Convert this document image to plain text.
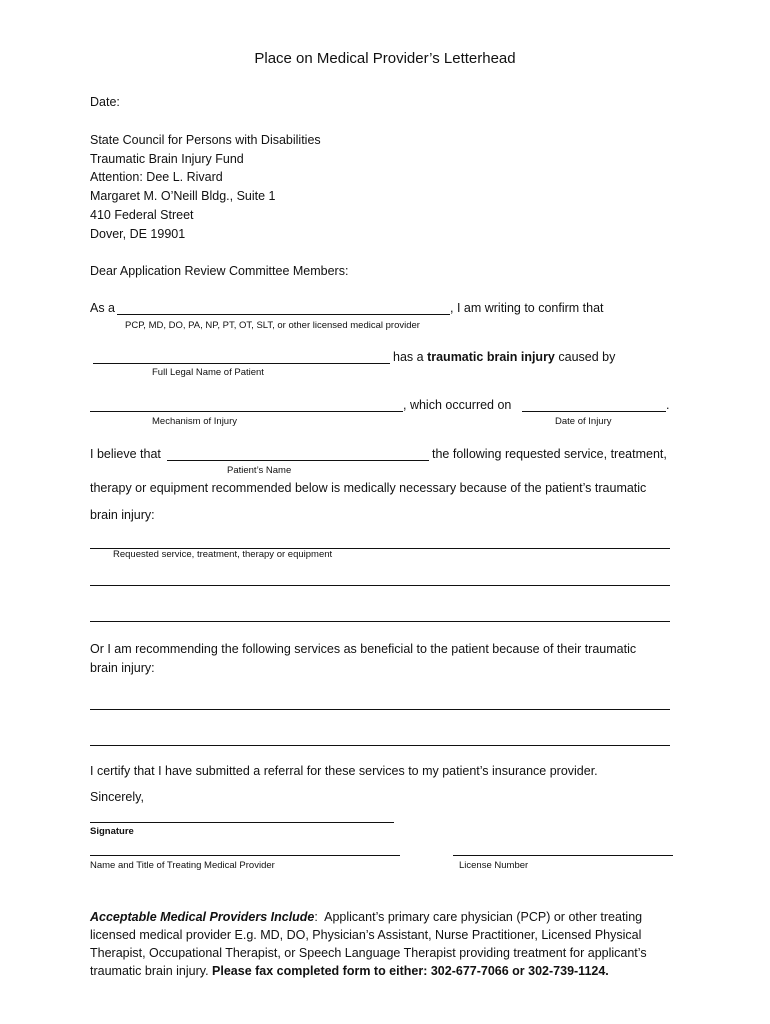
Place on Medical Provider’s Letterhead
Date:
State Council for Persons with Disabilities
Traumatic Brain Injury Fund
Attention: Dee L. Rivard
Margaret M. O’Neill Bldg., Suite 1
410 Federal Street
Dover, DE 19901
Dear Application Review Committee Members:
As a	, I am writing to confirm that
PCP, MD, DO, PA, NP, PT, OT, SLT, or other licensed medical provider
has a traumatic brain injury caused by
Full Legal Name of Patient
, which occurred on	.
Mechanism of Injury	Date of Injury
I believe that	the following requested service, treatment,
Patient’s Name
therapy or equipment recommended below is medically necessary because of the patient’s traumatic
brain injury:
Requested service, treatment, therapy or equipment
Or I am recommending the following services as beneficial to the patient because of their traumatic
brain injury:
I certify that I have submitted a referral for these services to my patient’s insurance provider.
Sincerely,
Signature
Name and Title of Treating Medical Provider	License Number
Acceptable Medical Providers Include: Applicant’s primary care physician (PCP) or other treating licensed medical provider E.g. MD, DO, Physician’s Assistant, Nurse Practitioner, Licensed Physical Therapist, Occupational Therapist, or Speech Language Therapist providing treatment for applicant’s traumatic brain injury. Please fax completed form to either: 302-677-7066 or 302-739-1124.
